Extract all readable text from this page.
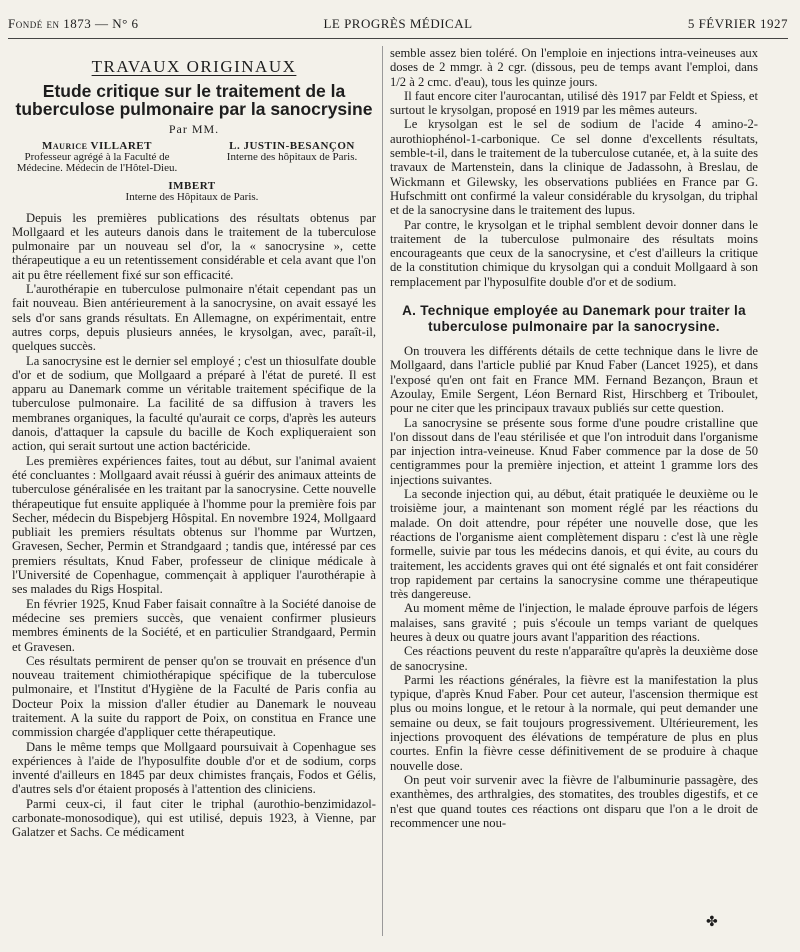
Fondé en 1873 — N° 6	LE PROGRÈS MÉDICAL	5 FÉVRIER 1927
TRAVAUX ORIGINAUX
Etude critique sur le traitement de la tuberculose pulmonaire par la sanocrysine
Par MM.
Maurice VILLARET
Professeur agrégé à la Faculté de Médecine. Médecin de l'Hôtel-Dieu.
L. JUSTIN-BESANÇON
Interne des hôpitaux de Paris.
IMBERT
Interne des Hôpitaux de Paris.

Depuis les premières publications des résultats obtenus par Mollgaard et les auteurs danois dans le traitement de la tuberculose pulmonaire par un nouveau sel d'or, la « sanocrysine », cette thérapeutique a eu un retentissement considérable et cela avant que l'on ait pu être réellement fixé sur son efficacité.

L'aurothérapie en tuberculose pulmonaire n'était cependant pas un fait nouveau. Bien antérieurement à la sanocrysine, on avait essayé les sels d'or sans grands résultats. En Allemagne, on expérimentait, entre autres corps, depuis plusieurs années, le krysolgan, avec, paraît-il, quelques succès.

La sanocrysine est le dernier sel employé ; c'est un thiosulfate double d'or et de sodium, que Mollgaard a préparé à l'état de pureté. Il est apparu au Danemark comme un véritable traitement spécifique de la tuberculose pulmonaire. La facilité de sa diffusion à travers les membranes organiques, la faculté qu'aurait ce corps, d'après les auteurs danois, d'attaquer la capsule du bacille de Koch expliqueraient son action, qui serait surtout une action bactéricide.

Les premières expériences faites, tout au début, sur l'animal avaient été concluantes : Mollgaard avait réussi à guérir des animaux atteints de tuberculose généralisée en les traitant par la sanocrysine. Cette nouvelle thérapeutique fut ensuite appliquée à l'homme pour la première fois par Secher, médecin du Bispebjerg Hôspital. En novembre 1924, Mollgaard publiait les premiers résultats obtenus sur l'homme par Wurtzen, Gravesen, Secher, Permin et Strandgaard ; tandis que, intéressé par ces premiers résultats, Knud Faber, professeur de clinique médicale à l'Université de Copenhague, commençait à appliquer l'aurothérapie à ses malades du Rigs Hospital.

En février 1925, Knud Faber faisait connaître à la Société danoise de médecine ses premiers succès, que venaient confirmer plusieurs membres éminents de la Société, et en particulier Strandgaard, Permin et Gravesen.

Ces résultats permirent de penser qu'on se trouvait en présence d'un nouveau traitement chimiothérapique spécifique de la tuberculose pulmonaire, et l'Institut d'Hygiène de la Faculté de Paris confia au Docteur Poix la mission d'aller étudier au Danemark le nouveau traitement. A la suite du rapport de Poix, on constitua en France une commission chargée d'appliquer cette thérapeutique.

Dans le même temps que Mollgaard poursuivait à Copenhague ses expériences à l'aide de l'hyposulfite double d'or et de sodium, corps inventé d'ailleurs en 1845 par deux chimistes français, Fodos et Gélis, d'autres sels d'or étaient proposés à l'attention des cliniciens.

Parmi ceux-ci, il faut citer le triphal (aurothio-benzimidazol-carbonate-monosodique), qui est utilisé, depuis 1923, à Vienne, par Galatzer et Sachs. Ce médicament

semble assez bien toléré. On l'emploie en injections intra-veineuses aux doses de 2 mmgr. à 2 cgr. (dissous, peu de temps avant l'emploi, dans 1/2 à 2 cmc. d'eau), tous les quinze jours.

Il faut encore citer l'aurocantan, utilisé dès 1917 par Feldt et Spiess, et surtout le krysolgan, proposé en 1919 par les mêmes auteurs.

Le krysolgan est le sel de sodium de l'acide 4 amino-2-aurothiophénol-1-carbonique. Ce sel donne d'excellents résultats, semble-t-il, dans le traitement de la tuberculose cutanée, et, à la suite des travaux de Martenstein, dans la clinique de Jadassohn, à Breslau, de Wickmann et Gilewsky, les observations publiées en France par G. Hufschmitt ont confirmé la valeur considérable du krysolgan, du triphal et de la sanocrysine dans le traitement des lupus.

Par contre, le krysolgan et le triphal semblent devoir donner dans le traitement de la tuberculose pulmonaire des résultats moins encourageants que ceux de la sanocrysine, et c'est d'ailleurs la critique de la constitution chimique du krysolgan qui a conduit Mollgaard à son remplacement par l'hyposulfite double d'or et de sodium.

A. Technique employée au Danemark pour traiter la tuberculose pulmonaire par la sanocrysine.

On trouvera les différents détails de cette technique dans le livre de Mollgaard, dans l'article publié par Knud Faber (Lancet 1925), et dans l'exposé qu'en ont fait en France MM. Fernand Bezançon, Braun et Azoulay, Emile Sergent, Léon Bernard Rist, Hirschberg et Triboulet, pour ne citer que les principaux travaux publiés sur cette question.

La sanocrysine se présente sous forme d'une poudre cristalline que l'on dissout dans de l'eau stérilisée et que l'on introduit dans l'organisme par injection intra-veineuse. Knud Faber commence par la dose de 50 centigrammes pour la première injection, et atteint 1 gramme lors des injections suivantes.

La seconde injection qui, au début, était pratiquée le deuxième ou le troisième jour, a maintenant son moment réglé par les réactions du malade. On doit attendre, pour répéter une nouvelle dose, que les réactions de l'organisme aient complètement disparu : c'est là une règle formelle, suivie par tous les médecins danois, et qui évite, au cours du traitement, les accidents graves qui ont été signalés et ont fait considérer trop rapidement par certains la sanocrysine comme une thérapeutique très dangereuse.

Au moment même de l'injection, le malade éprouve parfois de légers malaises, sans gravité ; puis s'écoule un temps variant de quelques heures à deux ou quatre jours avant l'apparition des réactions.

Ces réactions peuvent du reste n'apparaître qu'après la deuxième dose de sanocrysine.

Parmi les réactions générales, la fièvre est la manifestation la plus typique, d'après Knud Faber. Pour cet auteur, l'ascension thermique est plus ou moins longue, et le retour à la normale, qui peut demander une semaine ou deux, se fait toujours progressivement. Ultérieurement, les injections provoquent des élévations de température de plus en plus courtes. Enfin la fièvre cesse définitivement de se produire à chaque nouvelle dose.

On peut voir survenir avec la fièvre de l'albuminurie passagère, des exanthèmes, des arthralgies, des stomatites, des troubles digestifs, et ce n'est que quand toutes ces réactions ont disparu que l'on a le droit de recommencer une nou-

✤
